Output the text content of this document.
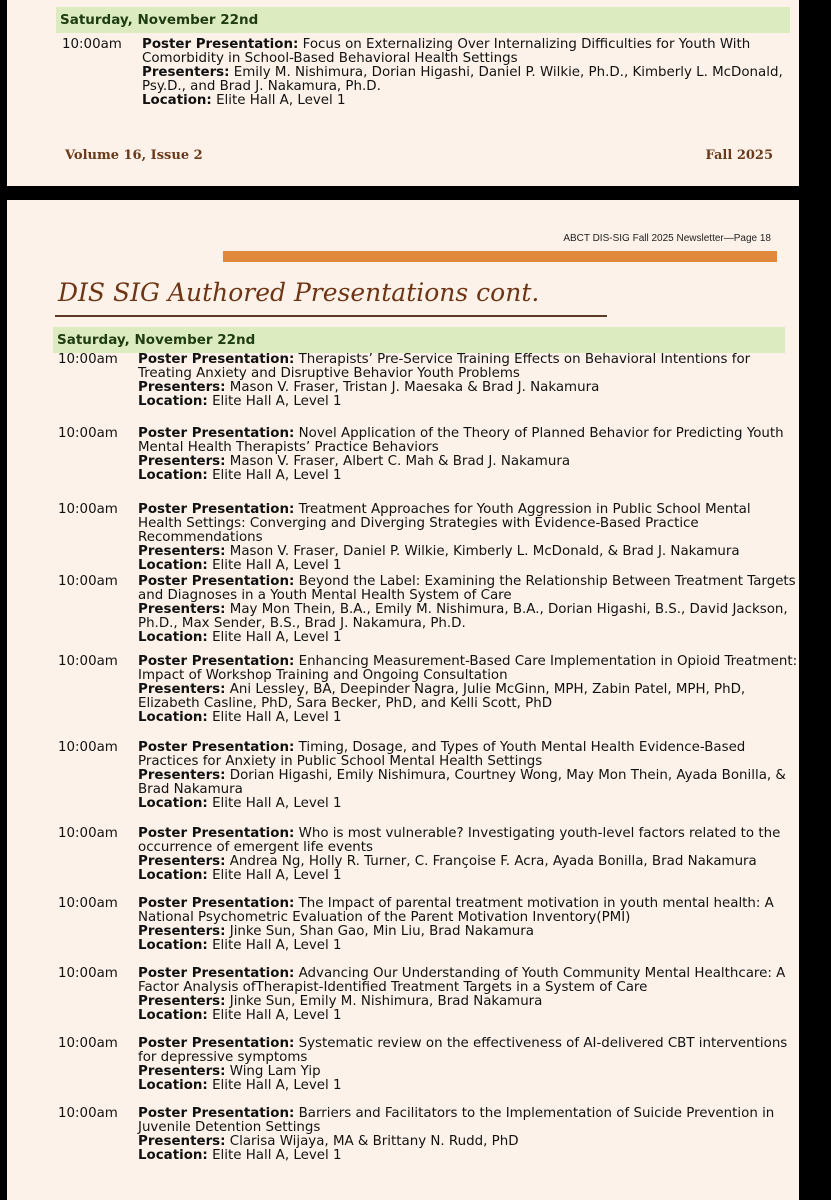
Saturday, November 22nd
10:00am Poster Presentation: Focus on Externalizing Over Internalizing Difficulties for Youth With Comorbidity in School-Based Behavioral Health Settings
Presenters: Emily M. Nishimura, Dorian Higashi, Daniel P. Wilkie, Ph.D., Kimberly L. McDonald, Psy.D., and Brad J. Nakamura, Ph.D.
Location: Elite Hall A, Level 1
Volume 16, Issue 2	Fall 2025
ABCT DIS-SIG Fall 2025 Newsletter—Page 18
DIS SIG Authored Presentations cont.
Saturday, November 22nd
10:00am Poster Presentation: Therapists’ Pre-Service Training Effects on Behavioral Intentions for Treating Anxiety and Disruptive Behavior Youth Problems
Presenters: Mason V. Fraser, Tristan J. Maesaka & Brad J. Nakamura
Location: Elite Hall A, Level 1
10:00am Poster Presentation: Novel Application of the Theory of Planned Behavior for Predicting Youth Mental Health Therapists’ Practice Behaviors
Presenters: Mason V. Fraser, Albert C. Mah & Brad J. Nakamura
Location: Elite Hall A, Level 1
10:00am Poster Presentation: Treatment Approaches for Youth Aggression in Public School Mental Health Settings: Converging and Diverging Strategies with Evidence-Based Practice Recommendations
Presenters: Mason V. Fraser, Daniel P. Wilkie, Kimberly L. McDonald, & Brad J. Nakamura
Location: Elite Hall A, Level 1
10:00am Poster Presentation: Beyond the Label: Examining the Relationship Between Treatment Targets and Diagnoses in a Youth Mental Health System of Care
Presenters: May Mon Thein, B.A., Emily M. Nishimura, B.A., Dorian Higashi, B.S., David Jackson, Ph.D., Max Sender, B.S., Brad J. Nakamura, Ph.D.
Location: Elite Hall A, Level 1
10:00am Poster Presentation: Enhancing Measurement-Based Care Implementation in Opioid Treatment: Impact of Workshop Training and Ongoing Consultation
Presenters: Ani Lessley, BA, Deepinder Nagra, Julie McGinn, MPH, Zabin Patel, MPH, PhD, Elizabeth Casline, PhD, Sara Becker, PhD, and Kelli Scott, PhD
Location: Elite Hall A, Level 1
10:00am Poster Presentation: Timing, Dosage, and Types of Youth Mental Health Evidence-Based Practices for Anxiety in Public School Mental Health Settings
Presenters: Dorian Higashi, Emily Nishimura, Courtney Wong, May Mon Thein, Ayada Bonilla, & Brad Nakamura
Location: Elite Hall A, Level 1
10:00am Poster Presentation: Who is most vulnerable? Investigating youth-level factors related to the occurrence of emergent life events
Presenters: Andrea Ng, Holly R. Turner, C. Françoise F. Acra, Ayada Bonilla, Brad Nakamura
Location: Elite Hall A, Level 1
10:00am Poster Presentation: The Impact of parental treatment motivation in youth mental health: A National Psychometric Evaluation of the Parent Motivation Inventory(PMI)
Presenters: Jinke Sun, Shan Gao, Min Liu, Brad Nakamura
Location: Elite Hall A, Level 1
10:00am Poster Presentation: Advancing Our Understanding of Youth Community Mental Healthcare: A Factor Analysis ofTherapist-Identified Treatment Targets in a System of Care
Presenters: Jinke Sun, Emily M. Nishimura, Brad Nakamura
Location: Elite Hall A, Level 1
10:00am Poster Presentation: Systematic review on the effectiveness of AI-delivered CBT interventions for depressive symptoms
Presenters: Wing Lam Yip
Location: Elite Hall A, Level 1
10:00am Poster Presentation: Barriers and Facilitators to the Implementation of Suicide Prevention in Juvenile Detention Settings
Presenters: Clarisa Wijaya, MA & Brittany N. Rudd, PhD
Location: Elite Hall A, Level 1
